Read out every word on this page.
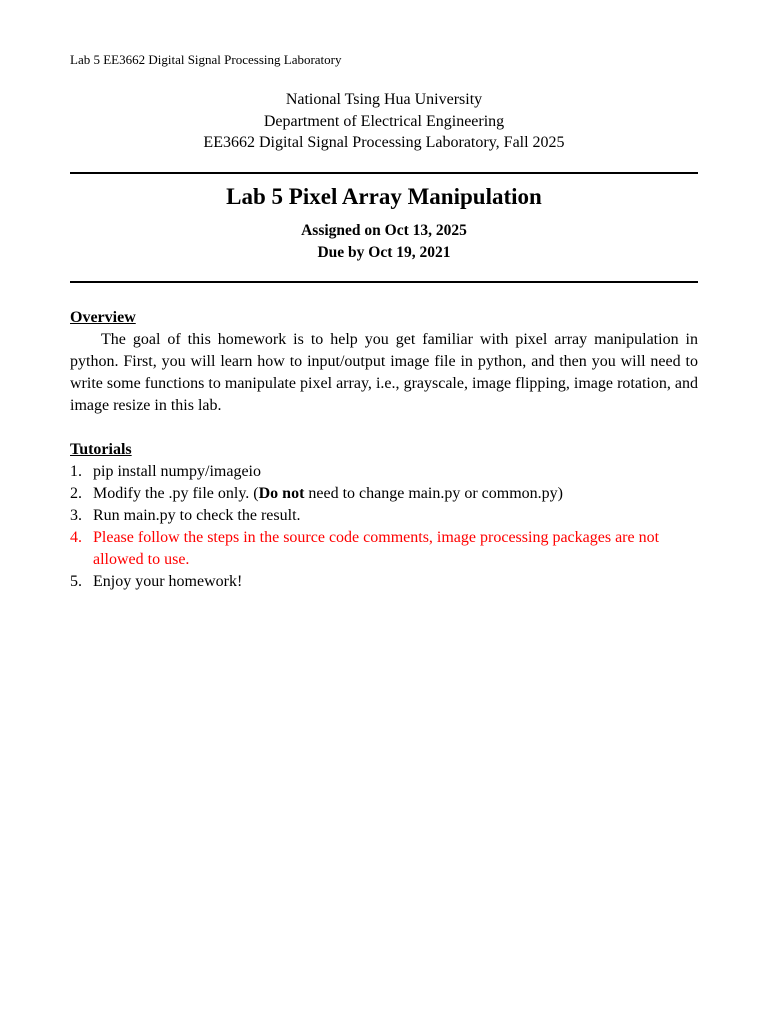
Lab 5 EE3662 Digital Signal Processing Laboratory
National Tsing Hua University
Department of Electrical Engineering
EE3662 Digital Signal Processing Laboratory, Fall 2025
Lab 5 Pixel Array Manipulation
Assigned on Oct 13, 2025
Due by Oct 19, 2021
Overview

The goal of this homework is to help you get familiar with pixel array manipulation in python. First, you will learn how to input/output image file in python, and then you will need to write some functions to manipulate pixel array, i.e., grayscale, image flipping, image rotation, and image resize in this lab.

Tutorials
1. pip install numpy/imageio
2. Modify the .py file only. (Do not need to change main.py or common.py)
3. Run main.py to check the result.
4. Please follow the steps in the source code comments, image processing packages are not allowed to use.
5. Enjoy your homework!
